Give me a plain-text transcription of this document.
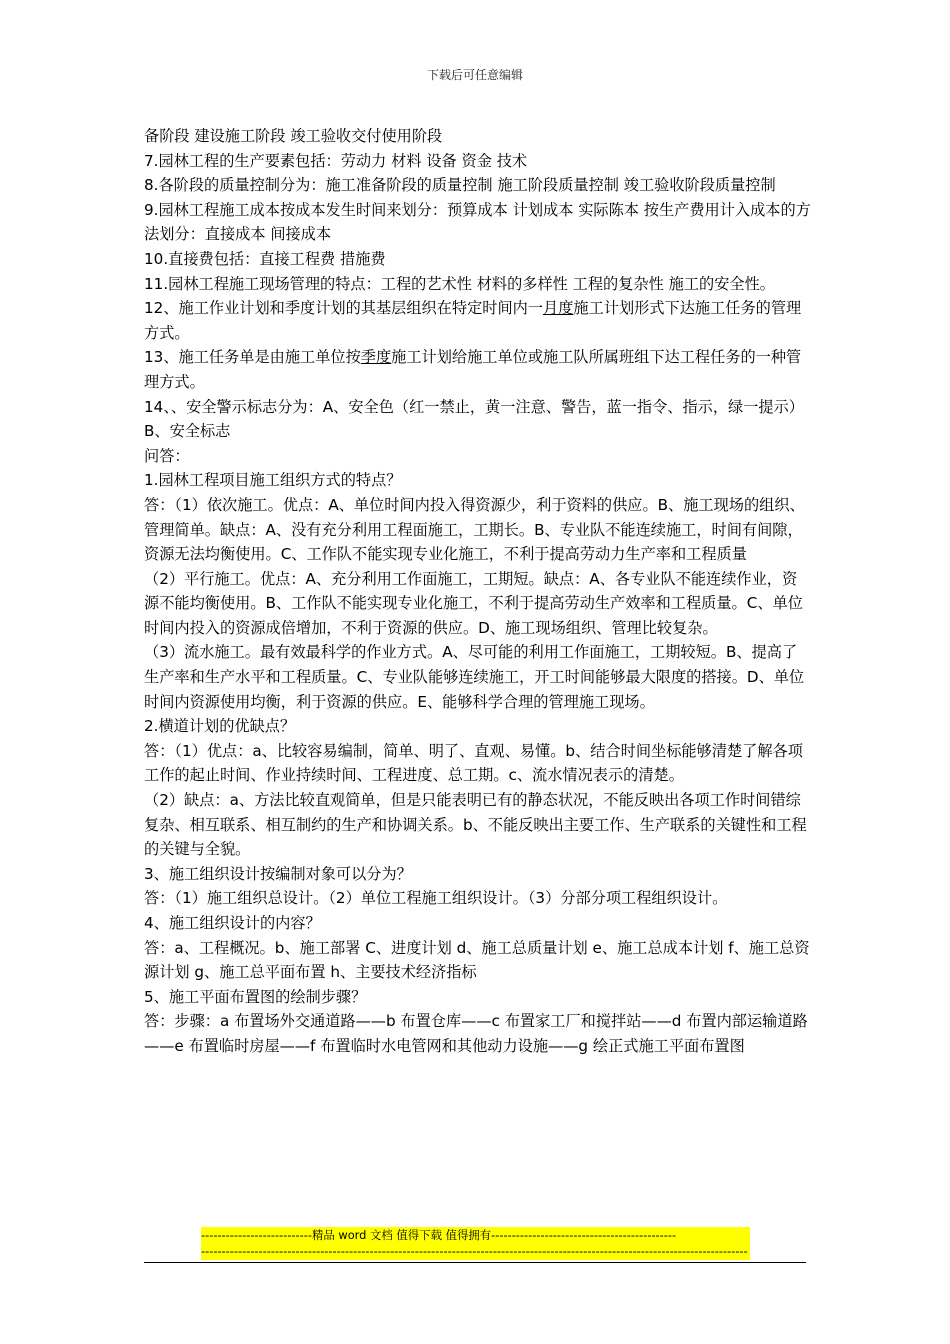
下载后可任意编辑

备阶段 建设施工阶段 竣工验收交付使用阶段

7.园林工程的生产要素包括：劳动力 材料 设备 资金 技术

8.各阶段的质量控制分为：施工准备阶段的质量控制 施工阶段质量控制 竣工验收阶段质量控制

9.园林工程施工成本按成本发生时间来划分：预算成本 计划成本 实际陈本 按生产费用计入成本的方法划分：直接成本 间接成本

10.直接费包括：直接工程费 措施费

11.园林工程施工现场管理的特点：工程的艺术性 材料的多样性 工程的复杂性 施工的安全性。

12、施工作业计划和季度计划的其基层组织在特定时间内一月度施工计划形式下达施工任务的管理方式。

13、施工任务单是由施工单位按季度施工计划给施工单位或施工队所属班组下达工程任务的一种管理方式。

14、、安全警示标志分为：A、安全色（红一禁止，黄一注意、警告，蓝一指令、指示，绿一提示） B、安全标志

问答：

1.园林工程项目施工组织方式的特点？

答：（1）依次施工。优点：A、单位时间内投入得资源少，利于资料的供应。B、施工现场的组织、管理简单。缺点：A、没有充分利用工程面施工，工期长。B、专业队不能连续施工，时间有间隙，资源无法均衡使用。C、工作队不能实现专业化施工，不利于提高劳动力生产率和工程质量

（2）平行施工。优点：A、充分利用工作面施工，工期短。缺点：A、各专业队不能连续作业，资源不能均衡使用。B、工作队不能实现专业化施工，不利于提高劳动生产效率和工程质量。C、单位时间内投入的资源成倍增加，不利于资源的供应。D、施工现场组织、管理比较复杂。

（3）流水施工。最有效最科学的作业方式。A、尽可能的利用工作面施工，工期较短。B、提高了生产率和生产水平和工程质量。C、专业队能够连续施工，开工时间能够最大限度的搭接。D、单位时间内资源使用均衡，利于资源的供应。E、能够科学合理的管理施工现场。

2.横道计划的优缺点？

答：（1）优点：a、比较容易编制，简单、明了、直观、易懂。b、结合时间坐标能够清楚了解各项工作的起止时间、作业持续时间、工程进度、总工期。c、流水情况表示的清楚。

（2）缺点：a、方法比较直观简单，但是只能表明已有的静态状况，不能反映出各项工作时间错综复杂、相互联系、相互制约的生产和协调关系。b、不能反映出主要工作、生产联系的关键性和工程的关键与全貌。

3、施工组织设计按编制对象可以分为？

答：（1）施工组织总设计。（2）单位工程施工组织设计。（3）分部分项工程组织设计。

4、施工组织设计的内容？

答：a、工程概况。b、施工部署 C、进度计划 d、施工总质量计划 e、施工总成本计划 f、施工总资源计划 g、施工总平面布置 h、主要技术经济指标

5、施工平面布置图的绘制步骤？

答：步骤：a 布置场外交通道路——b 布置仓库——c 布置家工厂和搅拌站——d 布置内部运输道路——e 布置临时房屋——f 布置临时水电管网和其他动力设施——g 绘正式施工平面布置图

---------------------------精品 word 文档 值得下载 值得拥有---------------------------------------------
-------------------------------------------------------------------------------------------------------------------------------------
